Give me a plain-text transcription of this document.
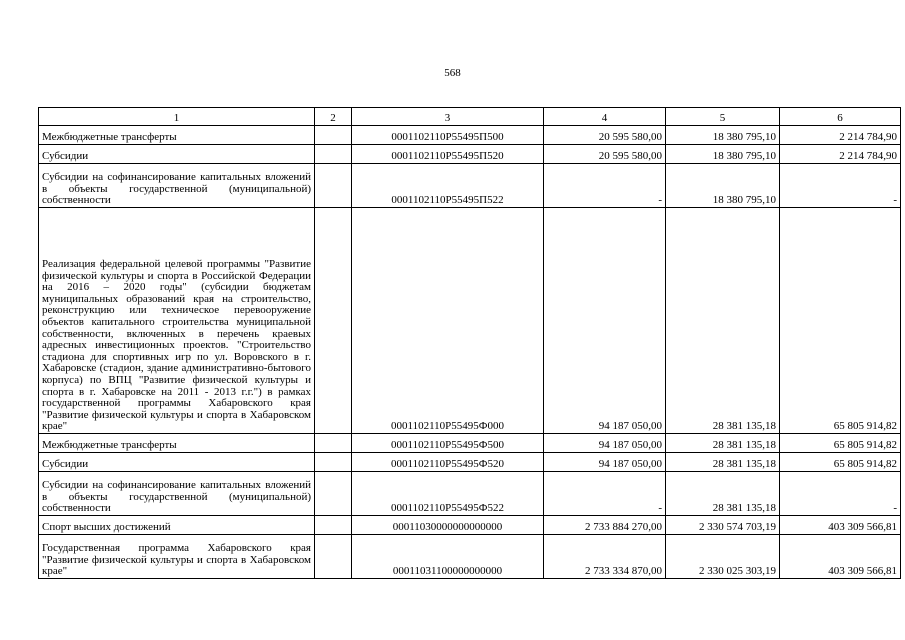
568
1	2	3	4	5	6
Межбюджетные трансферты		0001102110P55495П500	20 595 580,00	18 380 795,10	2 214 784,90
Субсидии		0001102110P55495П520	20 595 580,00	18 380 795,10	2 214 784,90
Субсидии на софинансирование капитальных вложений в объекты государственной (муниципальной) собственности		0001102110P55495П522	-	18 380 795,10	-
Реализация федеральной целевой программы "Развитие физической культуры и спорта в Российской Федерации на 2016 – 2020 годы" (субсидии бюджетам муниципальных образований края на строительство, реконструкцию или техническое перевооружение объектов капитального строительства муниципальной собственности, включенных в перечень краевых адресных инвестиционных проектов. "Строительство стадиона для спортивных игр по ул. Воровского в г. Хабаровске (стадион, здание административно-бытового корпуса) по ВПЦ "Развитие физической культуры и спорта в г. Хабаровске на 2011 - 2013 г.г.") в рамках государственной программы Хабаровского края "Развитие физической культуры и спорта в Хабаровском крае"		0001102110P55495Ф000	94 187 050,00	28 381 135,18	65 805 914,82
Межбюджетные трансферты		0001102110P55495Ф500	94 187 050,00	28 381 135,18	65 805 914,82
Субсидии		0001102110P55495Ф520	94 187 050,00	28 381 135,18	65 805 914,82
Субсидии на софинансирование капитальных вложений в объекты государственной (муниципальной) собственности		0001102110P55495Ф522	-	28 381 135,18	-
Спорт высших достижений		00011030000000000000	2 733 884 270,00	2 330 574 703,19	403 309 566,81
Государственная программа Хабаровского края "Развитие физической культуры и спорта в Хабаровском крае"		00011031100000000000	2 733 334 870,00	2 330 025 303,19	403 309 566,81
